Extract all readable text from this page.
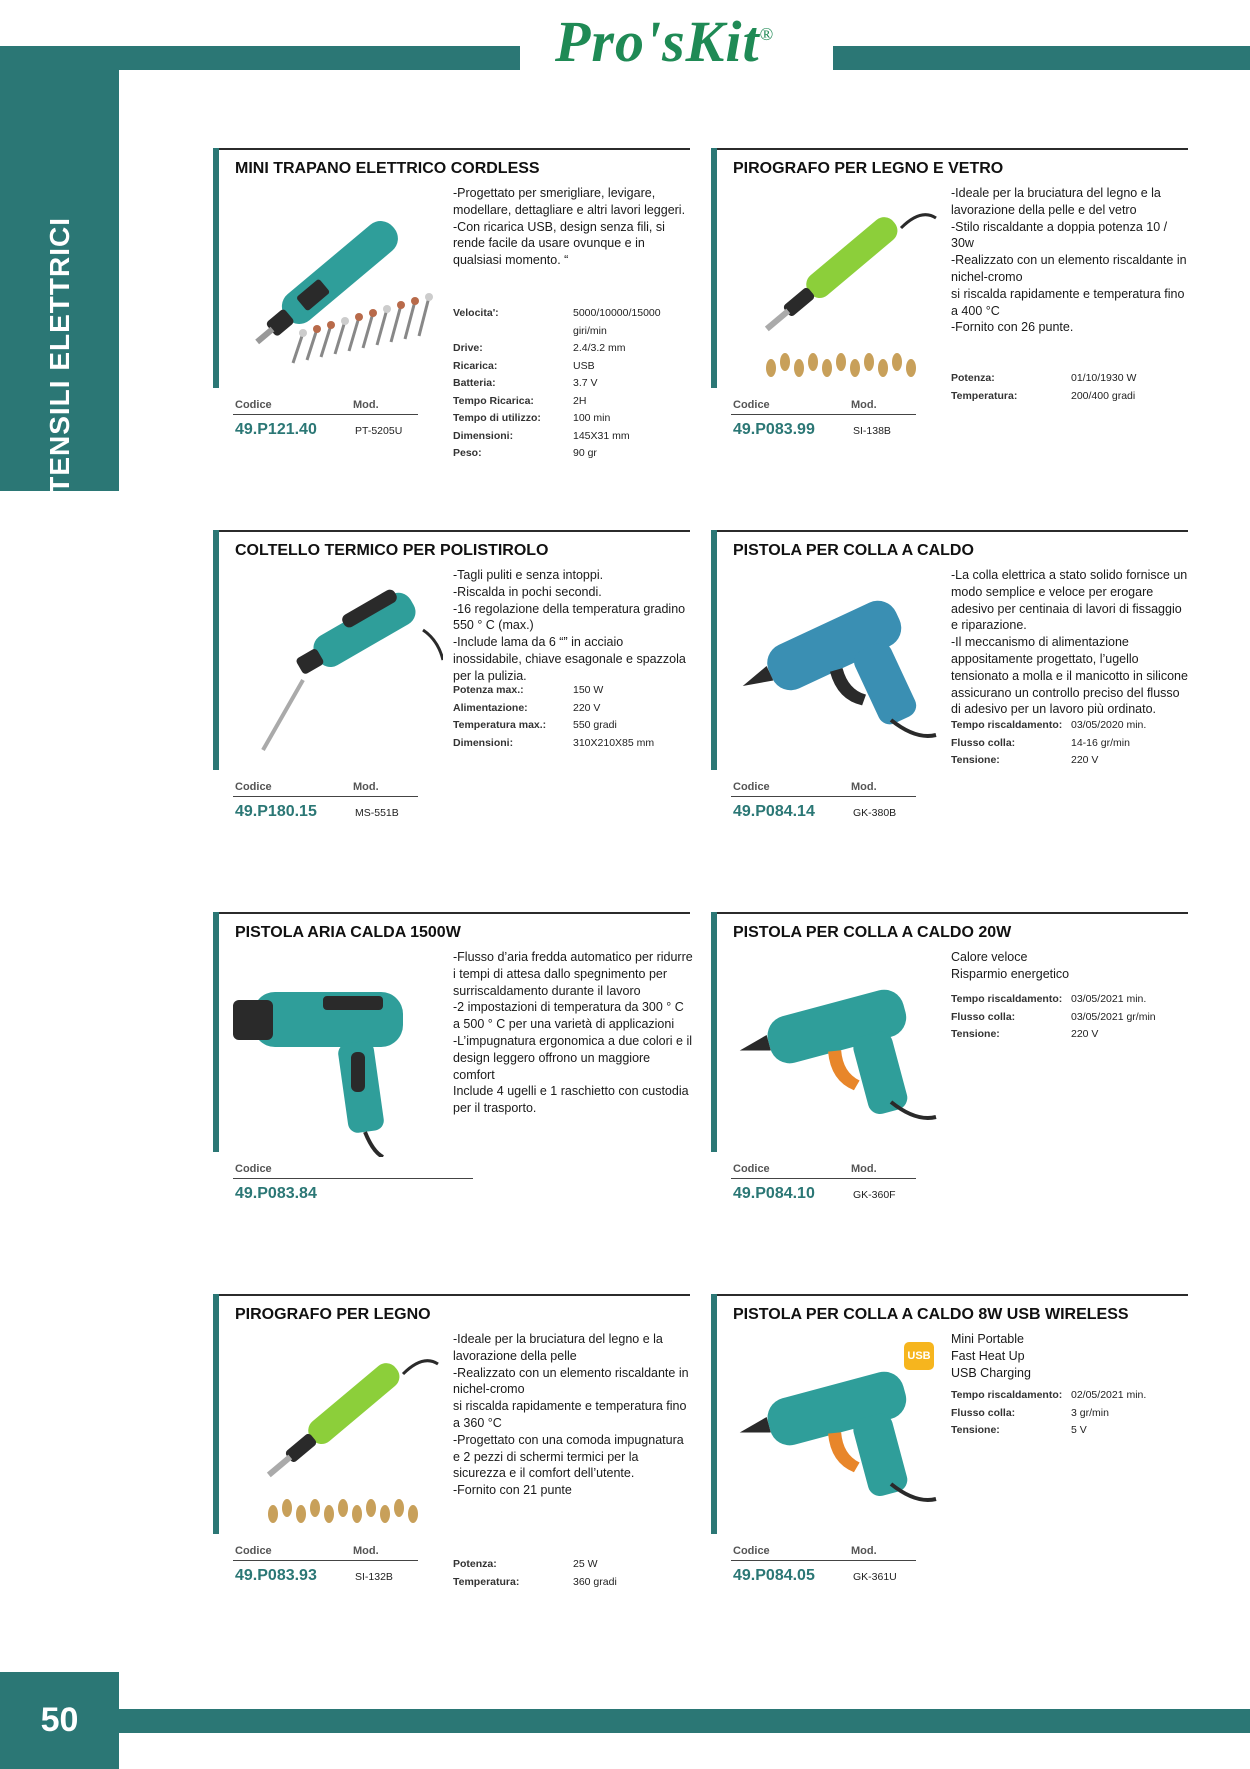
Pro'sKit®
UTENSILI ELETTRICI
50
MINI TRAPANO ELETTRICO CORDLESS
-Progettato per smerigliare, levigare, modellare, dettagliare e altri lavori leggeri.
-Con ricarica USB, design senza fili, si rende facile da usare ovunque e in qualsiasi momento. “
Velocita':	5000/10000/15000 giri/min
Drive:	2.4/3.2 mm
Ricarica:	USB
Batteria:	3.7 V
Tempo Ricarica:	2H
Tempo di utilizzo:	100 min
Dimensioni:	145X31 mm
Peso:	90 gr
Codice	Mod.
49.P121.40	PT-5205U
PIROGRAFO PER LEGNO E VETRO
-Ideale per la bruciatura del legno e la lavorazione della pelle e del vetro
-Stilo riscaldante a doppia potenza 10 / 30w
-Realizzato con un elemento riscaldante in nichel-cromo
si riscalda rapidamente e temperatura fino a 400 °C
-Fornito con 26 punte.
Potenza:	01/10/1930 W
Temperatura:	200/400 gradi
Codice	Mod.
49.P083.99	SI-138B
COLTELLO TERMICO PER POLISTIROLO
-Tagli puliti e senza intoppi.
-Riscalda in pochi secondi.
-16 regolazione della temperatura gradino 550 ° C (max.)
-Include lama da 6 “” in acciaio inossidabile, chiave esagonale e spazzola per la pulizia.
Potenza max.:	150 W
Alimentazione:	220 V
Temperatura max.:	550 gradi
Dimensioni:	310X210X85 mm
Codice	Mod.
49.P180.15	MS-551B
PISTOLA PER COLLA A CALDO
-La colla elettrica a stato solido fornisce un modo semplice e veloce per erogare adesivo per centinaia di lavori di fissaggio e riparazione.
-Il meccanismo di alimentazione appositamente progettato, l’ugello tensionato a molla e il manicotto in silicone assicurano un controllo preciso del flusso di adesivo per un lavoro più ordinato.
Tempo riscaldamento: 03/05/2020 min.
Flusso colla:	14-16 gr/min
Tensione:	220 V
Codice	Mod.
49.P084.14	GK-380B
PISTOLA ARIA CALDA 1500W
-Flusso d’aria fredda automatico per ridurre i tempi di attesa dallo spegnimento per surriscaldamento durante il lavoro
-2 impostazioni di temperatura da 300 ° C a 500 ° C per una varietà di applicazioni
-L’impugnatura ergonomica a due colori e il design leggero offrono un maggiore comfort
Include 4 ugelli e 1 raschietto con custodia per il trasporto.
Codice
49.P083.84
PISTOLA PER COLLA A CALDO 20W
Calore veloce
Risparmio energetico
Tempo riscaldamento: 03/05/2021 min.
Flusso colla:	03/05/2021 gr/min
Tensione:	220 V
Codice	Mod.
49.P084.10	GK-360F
PIROGRAFO PER LEGNO
-Ideale per la bruciatura del legno e la lavorazione della pelle
-Realizzato con un elemento riscaldante in nichel-cromo
si riscalda rapidamente e temperatura fino a 360 °C
-Progettato con una comoda impugnatura
e 2 pezzi di schermi termici per la sicurezza e il comfort dell’utente.
-Fornito con 21 punte
Potenza:	25 W
Temperatura:	360 gradi
Codice	Mod.
49.P083.93	SI-132B
PISTOLA PER COLLA A CALDO 8W USB WIRELESS
Mini Portable
Fast Heat Up
USB Charging
USB
Tempo riscaldamento: 02/05/2021 min.
Flusso colla:	3 gr/min
Tensione:	5 V
Codice	Mod.
49.P084.05	GK-361U
